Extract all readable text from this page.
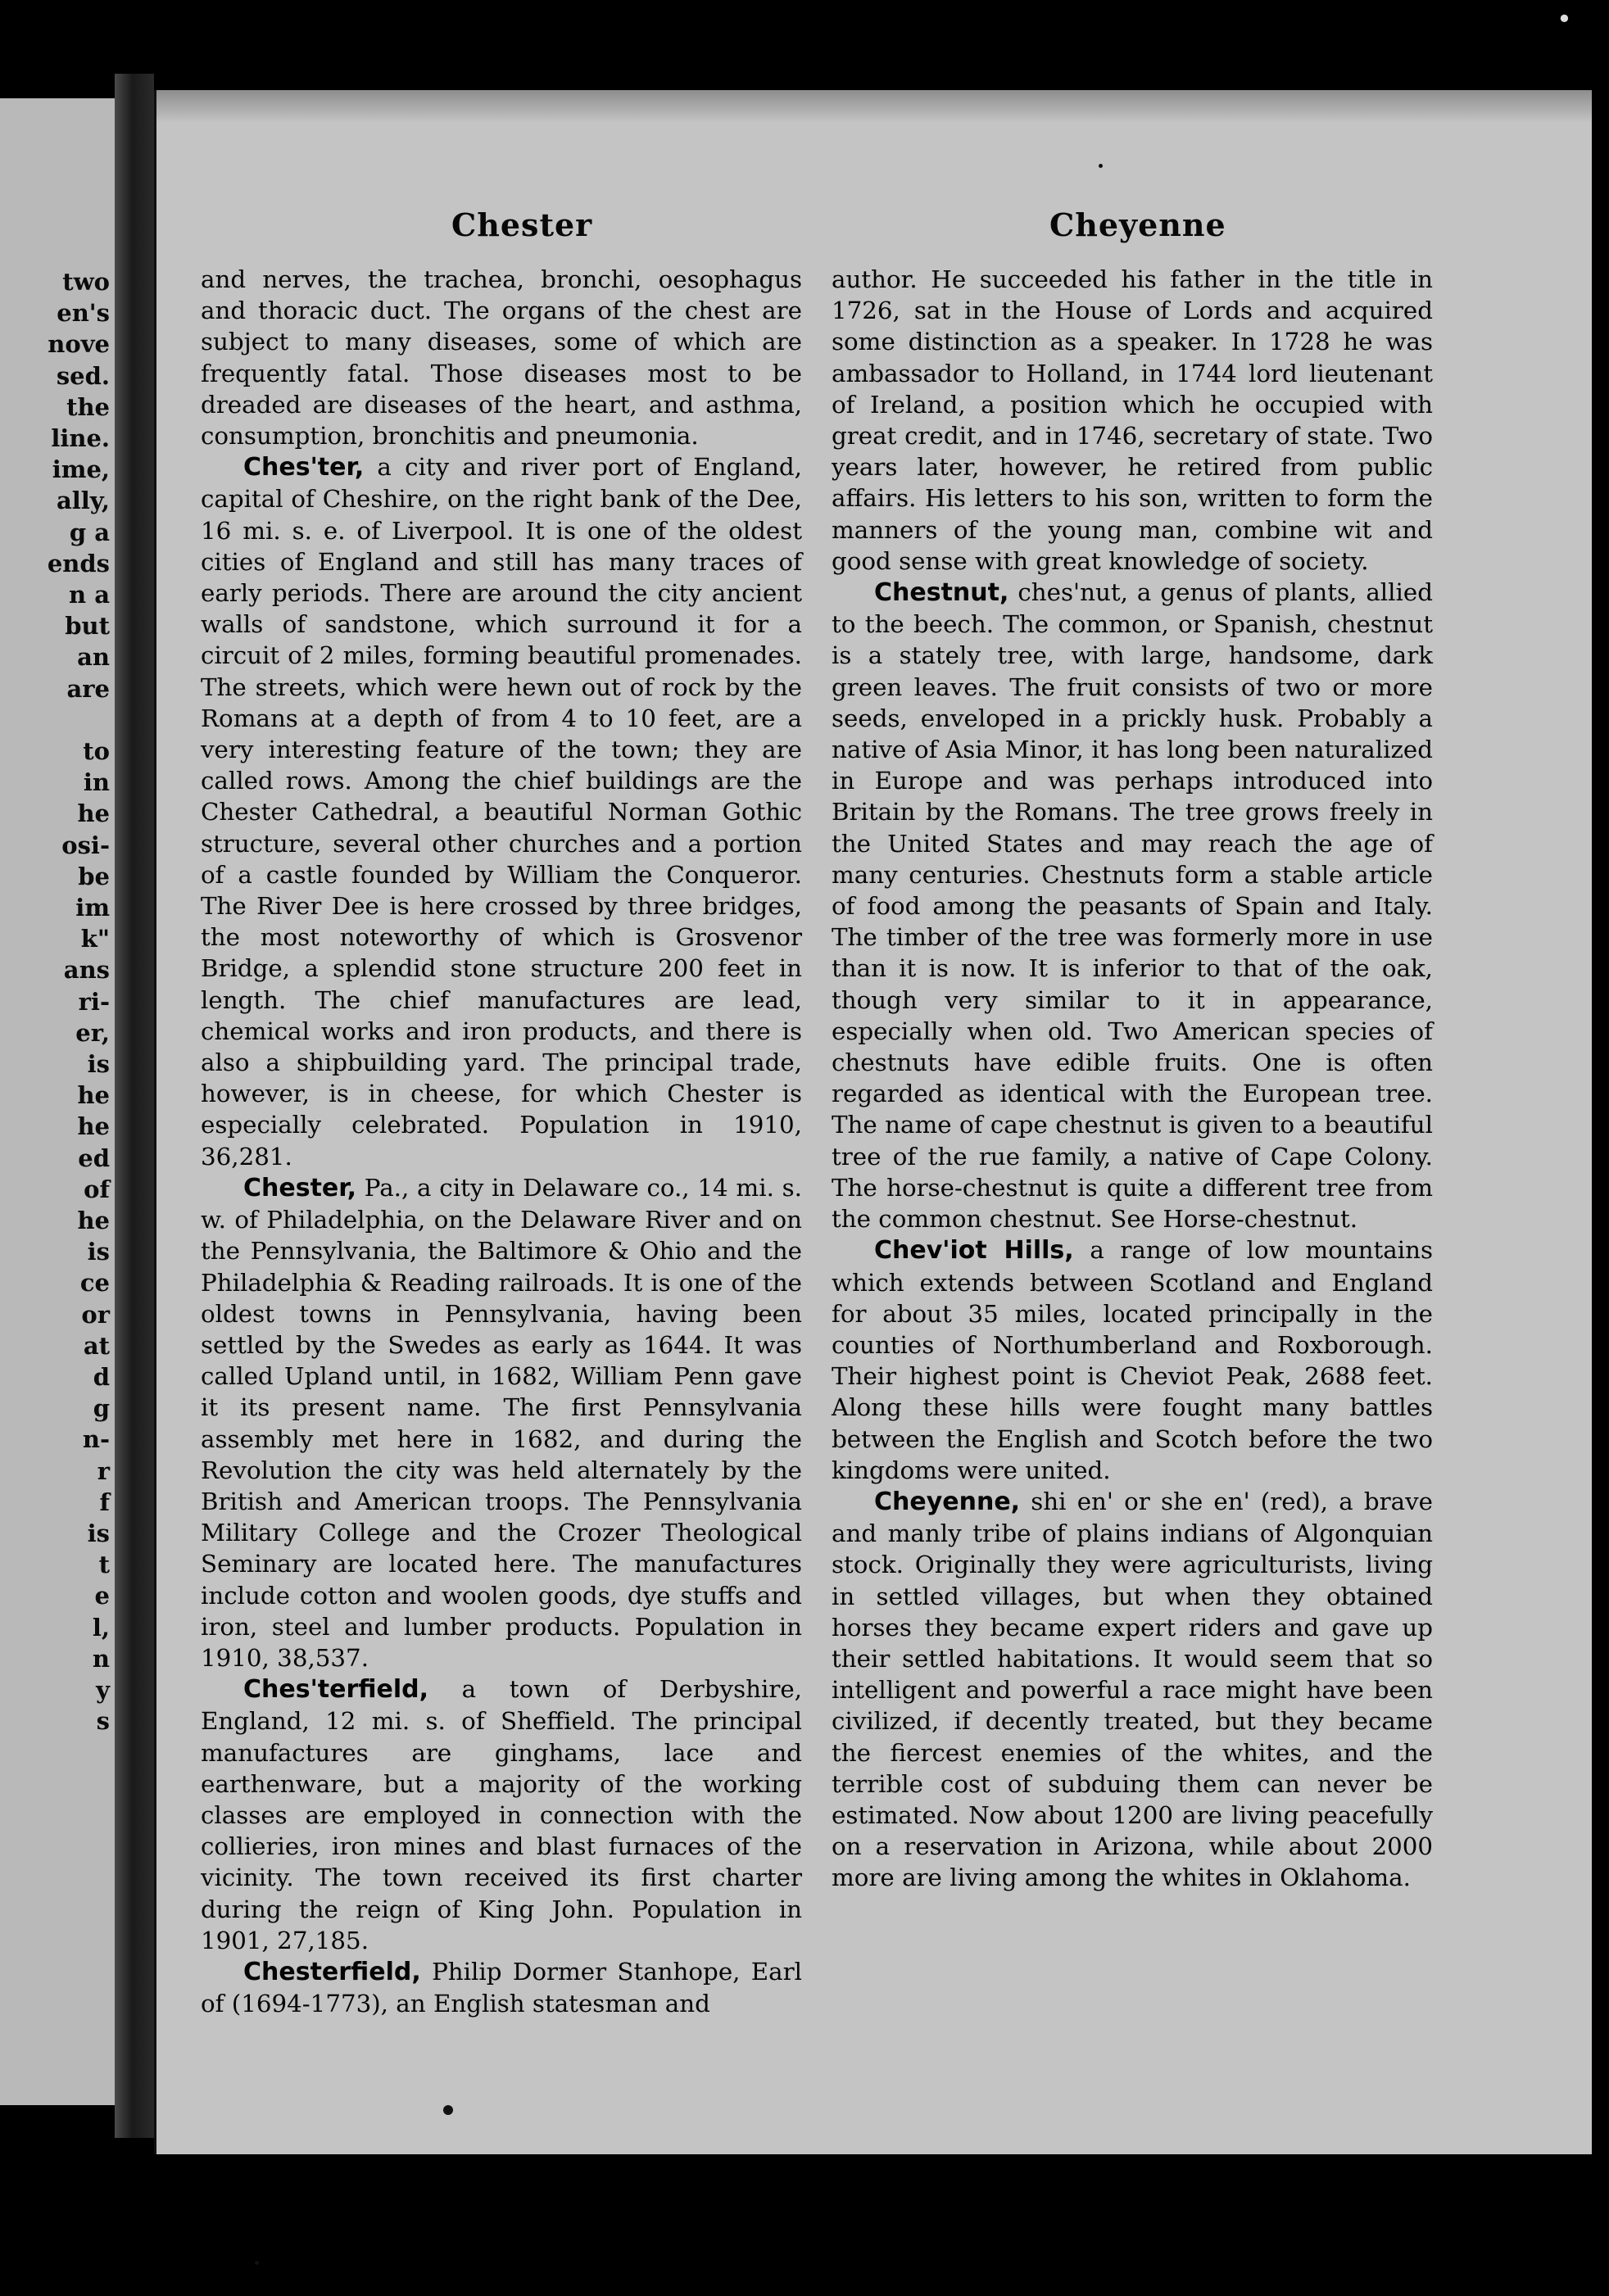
two
en's
nove
sed.
the
line.
ime,
ally,
g a
ends
n a
but
an
are
to
in
he
osi-
be
im
k"
ans
ri-
er,
is
he
he
ed
of
he
is
ce
or
at
d
g
n-
r
f
is
t
e
l,
n
y
s
Chester	Cheyenne

and nerves, the trachea, bronchi, oesophagus and thoracic duct. The organs of the chest are subject to many diseases, some of which are frequently fatal. Those diseases most to be dreaded are diseases of the heart, and asthma, consumption, bronchitis and pneumonia.

Ches'ter, a city and river port of England, capital of Cheshire, on the right bank of the Dee, 16 mi. s. e. of Liverpool. It is one of the oldest cities of England and still has many traces of early periods. There are around the city ancient walls of sandstone, which surround it for a circuit of 2 miles, forming beautiful promenades. The streets, which were hewn out of rock by the Romans at a depth of from 4 to 10 feet, are a very interesting feature of the town; they are called rows. Among the chief buildings are the Chester Cathedral, a beautiful Norman Gothic structure, several other churches and a portion of a castle founded by William the Conqueror. The River Dee is here crossed by three bridges, the most noteworthy of which is Grosvenor Bridge, a splendid stone structure 200 feet in length. The chief manufactures are lead, chemical works and iron products, and there is also a shipbuilding yard. The principal trade, however, is in cheese, for which Chester is especially celebrated. Population in 1910, 36,281.

Chester, Pa., a city in Delaware co., 14 mi. s. w. of Philadelphia, on the Delaware River and on the Pennsylvania, the Baltimore & Ohio and the Philadelphia & Reading railroads. It is one of the oldest towns in Pennsylvania, having been settled by the Swedes as early as 1644. It was called Upland until, in 1682, William Penn gave it its present name. The first Pennsylvania assembly met here in 1682, and during the Revolution the city was held alternately by the British and American troops. The Pennsylvania Military College and the Crozer Theological Seminary are located here. The manufactures include cotton and woolen goods, dye stuffs and iron, steel and lumber products. Population in 1910, 38,537.

Ches'terfield, a town of Derbyshire, England, 12 mi. s. of Sheffield. The principal manufactures are ginghams, lace and earthenware, but a majority of the working classes are employed in connection with the collieries, iron mines and blast furnaces of the vicinity. The town received its first charter during the reign of King John. Population in 1901, 27,185.

Chesterfield, Philip Dormer Stanhope, Earl of (1694-1773), an English statesman and

author. He succeeded his father in the title in 1726, sat in the House of Lords and acquired some distinction as a speaker. In 1728 he was ambassador to Holland, in 1744 lord lieutenant of Ireland, a position which he occupied with great credit, and in 1746, secretary of state. Two years later, however, he retired from public affairs. His letters to his son, written to form the manners of the young man, combine wit and good sense with great knowledge of society.

Chestnut, ches'nut, a genus of plants, allied to the beech. The common, or Spanish, chestnut is a stately tree, with large, handsome, dark green leaves. The fruit consists of two or more seeds, enveloped in a prickly husk. Probably a native of Asia Minor, it has long been naturalized in Europe and was perhaps introduced into Britain by the Romans. The tree grows freely in the United States and may reach the age of many centuries. Chestnuts form a stable article of food among the peasants of Spain and Italy. The timber of the tree was formerly more in use than it is now. It is inferior to that of the oak, though very similar to it in appearance, especially when old. Two American species of chestnuts have edible fruits. One is often regarded as identical with the European tree. The name of cape chestnut is given to a beautiful tree of the rue family, a native of Cape Colony. The horse-chestnut is quite a different tree from the common chestnut. See Horse-chestnut.

Chev'iot Hills, a range of low mountains which extends between Scotland and England for about 35 miles, located principally in the counties of Northumberland and Roxborough. Their highest point is Cheviot Peak, 2688 feet. Along these hills were fought many battles between the English and Scotch before the two kingdoms were united.

Cheyenne, shi en' or she en' (red), a brave and manly tribe of plains indians of Algonquian stock. Originally they were agriculturists, living in settled villages, but when they obtained horses they became expert riders and gave up their settled habitations. It would seem that so intelligent and powerful a race might have been civilized, if decently treated, but they became the fiercest enemies of the whites, and the terrible cost of subduing them can never be estimated. Now about 1200 are living peacefully on a reservation in Arizona, while about 2000 more are living among the whites in Oklahoma.

•
